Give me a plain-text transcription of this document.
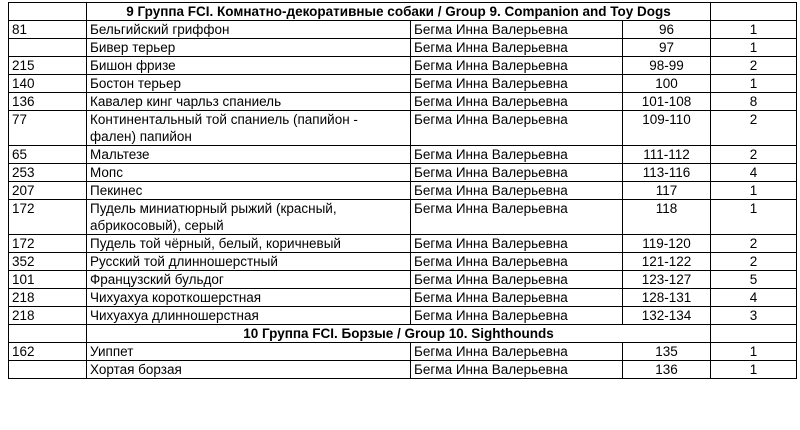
	9 Группа FCI. Комнатно-декоративные собаки / Group 9. Companion and Toy Dogs			
81	Бельгийский гриффон	Бегма Инна Валерьевна	96	1
	Бивер терьер	Бегма Инна Валерьевна	97	1
215	Бишон фризе	Бегма Инна Валерьевна	98-99	2
140	Бостон терьер	Бегма Инна Валерьевна	100	1
136	Кавалер кинг чарльз спаниель	Бегма Инна Валерьевна	101-108	8
77	Континентальный той спаниель (папийон - фален) папийон	Бегма Инна Валерьевна	109-110	2
65	Мальтезе	Бегма Инна Валерьевна	111-112	2
253	Мопс	Бегма Инна Валерьевна	113-116	4
207	Пекинес	Бегма Инна Валерьевна	117	1
172	Пудель миниатюрный рыжий (красный, абрикосовый), серый	Бегма Инна Валерьевна	118	1
172	Пудель той чёрный, белый, коричневый	Бегма Инна Валерьевна	119-120	2
352	Русский той длинношерстный	Бегма Инна Валерьевна	121-122	2
101	Французский бульдог	Бегма Инна Валерьевна	123-127	5
218	Чихуахуа короткошерстная	Бегма Инна Валерьевна	128-131	4
218	Чихуахуа длинношерстная	Бегма Инна Валерьевна	132-134	3
	10 Группа FCI. Борзые / Group 10. Sighthounds			
162	Уиппет	Бегма Инна Валерьевна	135	1
	Хортая борзая	Бегма Инна Валерьевна	136	1
